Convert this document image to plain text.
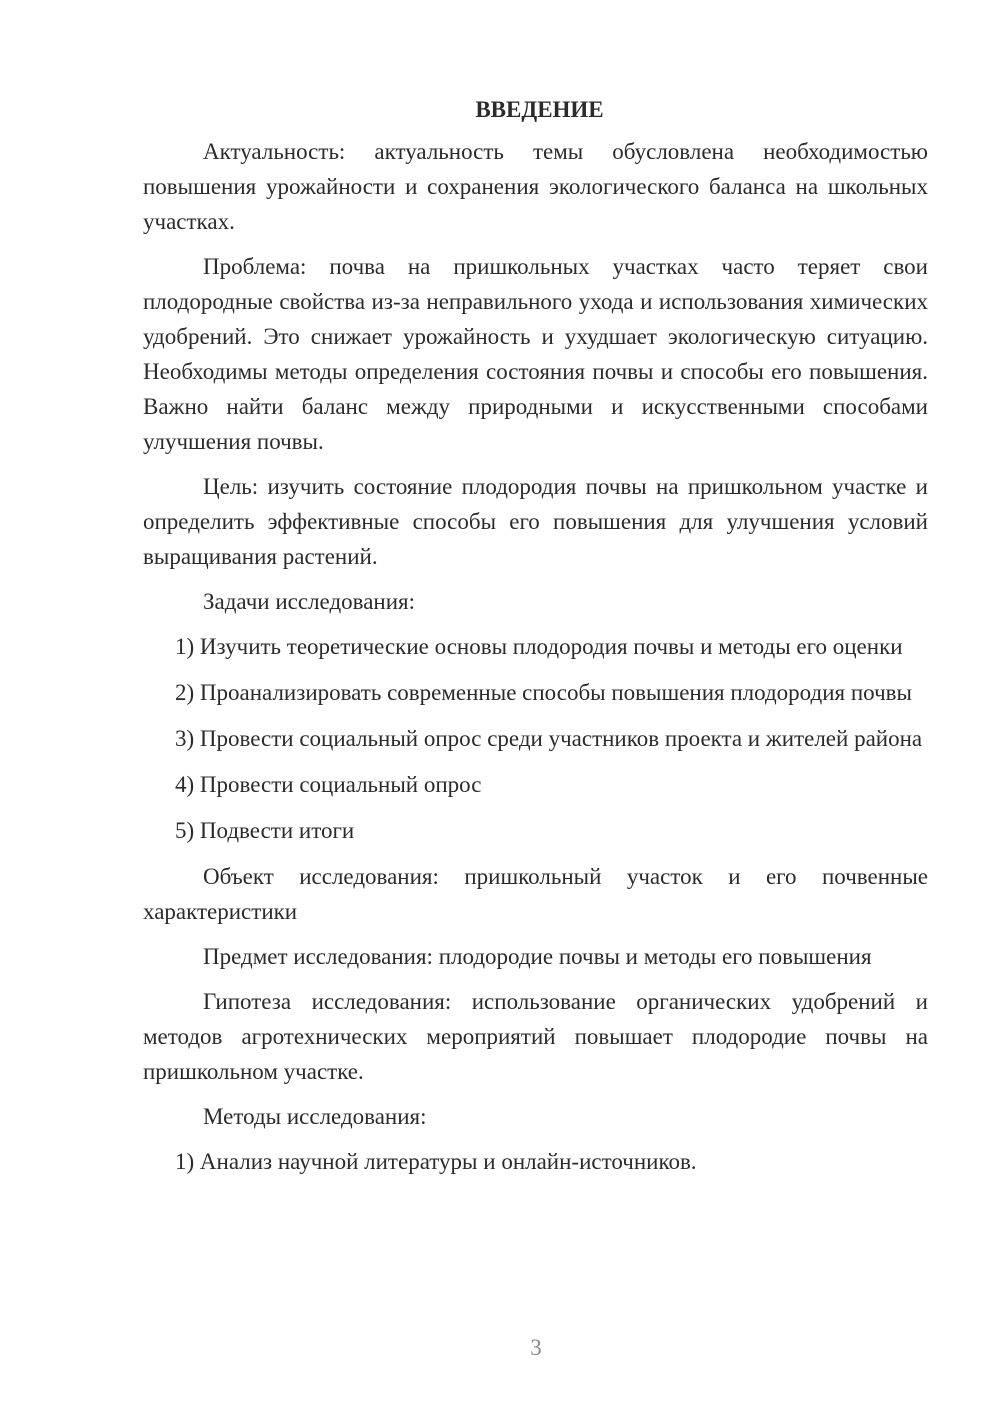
ВВЕДЕНИЕ

Актуальность: актуальность темы обусловлена необходимостью повышения урожайности и сохранения экологического баланса на школьных участках.

Проблема: почва на пришкольных участках часто теряет свои плодородные свойства из-за неправильного ухода и использования химических удобрений. Это снижает урожайность и ухудшает экологическую ситуацию. Необходимы методы определения состояния почвы и способы его повышения. Важно найти баланс между природными и искусственными способами улучшения почвы.

Цель: изучить состояние плодородия почвы на пришкольном участке и определить эффективные способы его повышения для улучшения условий выращивания растений.

Задачи исследования:

1) Изучить теоретические основы плодородия почвы и методы его оценки

2) Проанализировать современные способы повышения плодородия почвы

3) Провести социальный опрос среди участников проекта и жителей района

4) Провести социальный опрос

5) Подвести итоги

Объект исследования: пришкольный участок и его почвенные характеристики

Предмет исследования: плодородие почвы и методы его повышения

Гипотеза исследования: использование органических удобрений и методов агротехнических мероприятий повышает плодородие почвы на пришкольном участке.

Методы исследования:

1) Анализ научной литературы и онлайн-источников.

3
